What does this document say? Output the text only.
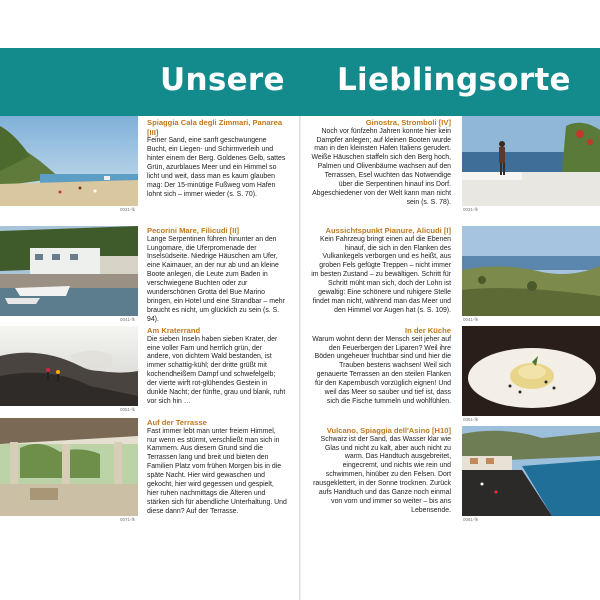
Unsere Lieblingsorte
0021-fk
Spiaggia Cala degli Zimmari, Panarea [III]
Feiner Sand, eine sanft geschwungene Bucht, ein Liegen- und Schirmverleih und hinter einem der Berg. Goldenes Gelb, sattes Grün, azurblaues Meer und ein Himmel so licht und weit, dass man es kaum glauben mag: Der 15-minütige Fußweg vom Hafen lohnt sich – immer wieder (s. S. 70).
0041-fk
Pecorini Mare, Filicudi [II]
Lange Serpentinen führen hinunter an den Lungomare, die Uferpromenade der Inselsüdseite. Niedrige Häuschen am Ufer, eine Kaimauer, an der nur ab und an kleine Boote anlegen, die Leute zum Baden in verschwiegene Buchten oder zur wunderschönen Grotta del Bue Marino bringen, ein Hotel und eine Strandbar – mehr braucht es nicht, um glücklich zu sein (s. S. 94).
0051-fk
Am Kraterrand
Die sieben Inseln haben sieben Krater, der eine voller Farn und herrlich grün, der andere, von dichtem Wald bestanden, ist immer schattig-kühl; der dritte grüßt mit kochendheißem Dampf und schwefelgelb; der vierte wirft rot-glühendes Gestein in dunkle Nacht; der fünfte, grau und blank, ruht vor sich hin …
0071-fk
Auf der Terrasse
Fast immer lebt man unter freiem Himmel, nur wenn es stürmt, verschließt man sich in Kammern. Aus diesem Grund sind die Terrassen lang und breit und bieten den Familien Platz vom frühen Morgen bis in die späte Nacht. Hier wird gewaschen und gekocht, hier wird gegessen und gespielt, hier ruhen nachmittags die Älteren und stärken sich für abendliche Unterhaltung. Und diese dann? Auf der Terrasse.
Ginostra, Stromboli [IV]
Noch vor fünfzehn Jahren konnte hier kein Dampfer anlegen; auf kleinen Booten wurde man in den kleinsten Hafen Italiens gerudert. Weiße Häuschen staffeln sich den Berg hoch, Palmen und Olivenbäume wachsen auf den Terrassen, Esel wuchten das Notwendige über die Serpentinen hinauf ins Dorf. Abgeschiedener von der Welt kann man nicht sein (s. S. 78).
0031-fk
Aussichtspunkt Pianure, Alicudi [I]
Kein Fahrzeug bringt einen auf die Ebenen hinauf, die sich in den Flanken des Vulkankegels verborgen und es heißt, aus groben Fels gefügte Treppen – nicht immer im besten Zustand – zu bewältigen. Schritt für Schritt müht man sich, doch der Lohn ist gewaltig: Eine schönere und ruhigere Stelle findet man nicht, während man das Meer und den Himmel vor Augen hat (s. S. 109).
0041-fk
In der Küche
Warum wohnt denn der Mensch seit jeher auf den Feuerbergen der Liparen? Weil ihre Böden ungeheuer fruchtbar sind und hier die Trauben bestens wachsen! Weil sich genauerte Terrassen an den steilen Flanken für den Kapernbusch vorzüglich eignen! Und weil das Meer so sauber und tief ist, dass sich die Fische tummeln und wohlfühlen.
0061-fk
Vulcano, Spiaggia dell'Asino [H10]
Schwarz ist der Sand, das Wasser klar wie Glas und nicht zu kalt, aber auch nicht zu warm. Das Handtuch ausgebreitet, eingecremt, und nichts wie rein und schwimmen, hinüber zu den Felsen. Dort rausgeklettert, in der Sonne trocknen. Zurück aufs Handtuch und das Ganze noch einmal von vorn und immer so weiter – bis ans Lebensende.
0081-fk
